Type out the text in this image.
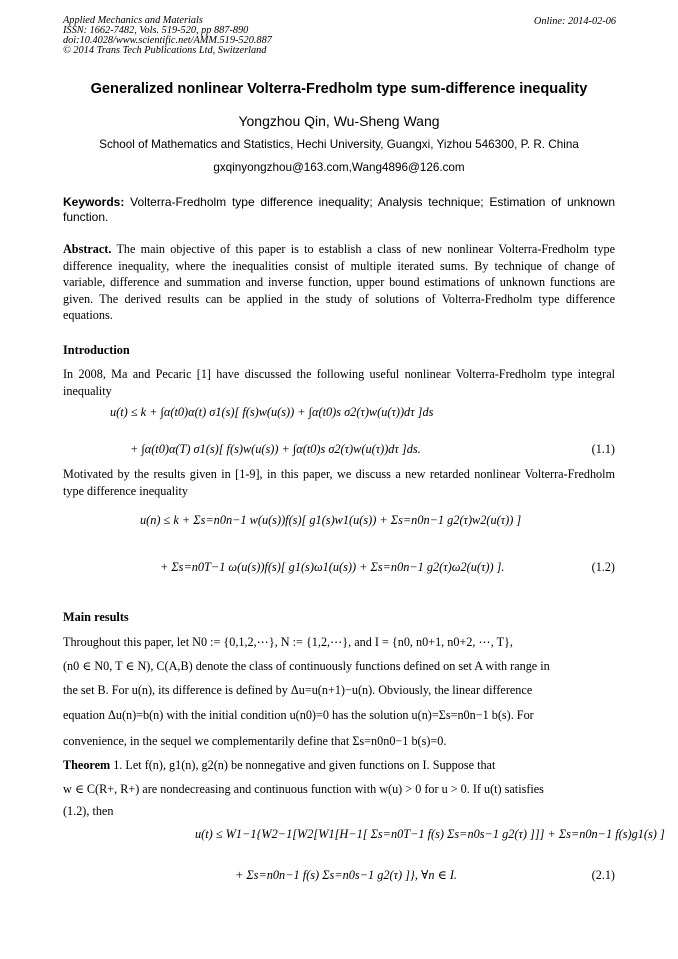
Applied Mechanics and Materials
ISSN: 1662-7482, Vols. 519-520, pp 887-890
doi:10.4028/www.scientific.net/AMM.519-520.887
© 2014 Trans Tech Publications Ltd, Switzerland
Online: 2014-02-06
Generalized nonlinear Volterra-Fredholm type sum-difference inequality
Yongzhou Qin, Wu-Sheng Wang
School of Mathematics and Statistics, Hechi University, Guangxi, Yizhou 546300, P. R. China
gxqinyongzhou@163.com,Wang4896@126.com
Keywords: Volterra-Fredholm type difference inequality; Analysis technique; Estimation of unknown function.
Abstract. The main objective of this paper is to establish a class of new nonlinear Volterra-Fredholm type difference inequality, where the inequalities consist of multiple iterated sums. By technique of change of variable, difference and summation and inverse function, upper bound estimations of unknown functions are given. The derived results can be applied in the study of solutions of Volterra-Fredholm type difference equations.
Introduction
In 2008, Ma and Pecaric [1] have discussed the following useful nonlinear Volterra-Fredholm type integral inequality
u(t) ≤ k + ∫α(t0)α(t) σ1(s)[ f(s)w(u(s)) + ∫α(t0)s σ2(τ)w(u(τ))dτ ]ds
+ ∫α(t0)α(T) σ1(s)[ f(s)w(u(s)) + ∫α(t0)s σ2(τ)w(u(τ))dτ ]ds.	(1.1)
Motivated by the results given in [1-9], in this paper, we discuss a new retarded nonlinear Volterra-Fredholm type difference inequality
u(n) ≤ k + Σs=n0n−1 w(u(s))f(s)[ g1(s)w1(u(s)) + Σs=n0n−1 g2(τ)w2(u(τ)) ]
+ Σs=n0T−1 ω(u(s))f(s)[ g1(s)ω1(u(s)) + Σs=n0n−1 g2(τ)ω2(u(τ)) ].	(1.2)
Main results
Throughout this paper, let N0 := {0,1,2,⋯}, N := {1,2,⋯}, and I = {n0, n0+1, n0+2, ⋯, T},
(n0 ∈ N0, T ∈ N), C(A,B) denote the class of continuously functions defined on set A with range in
the set B. For u(n), its difference is defined by Δu=u(n+1)−u(n). Obviously, the linear difference
equation Δu(n)=b(n) with the initial condition u(n0)=0 has the solution u(n)=Σs=n0n−1 b(s). For
convenience, in the sequel we complementarily define that Σs=n0n0−1 b(s)=0.
Theorem 1. Let f(n), g1(n), g2(n) be nonnegative and given functions on I. Suppose that
w ∈ C(R+, R+) are nondecreasing and continuous function with w(u) > 0 for u > 0. If u(t) satisfies
(1.2), then
u(t) ≤ W1−1{W2−1[W2[W1[H−1[ Σs=n0T−1 f(s) Σs=n0s−1 g2(τ) ]]] + Σs=n0n−1 f(s)g1(s) ]
+ Σs=n0n−1 f(s) Σs=n0s−1 g2(τ) ]}, ∀n ∈ I.	(2.1)
